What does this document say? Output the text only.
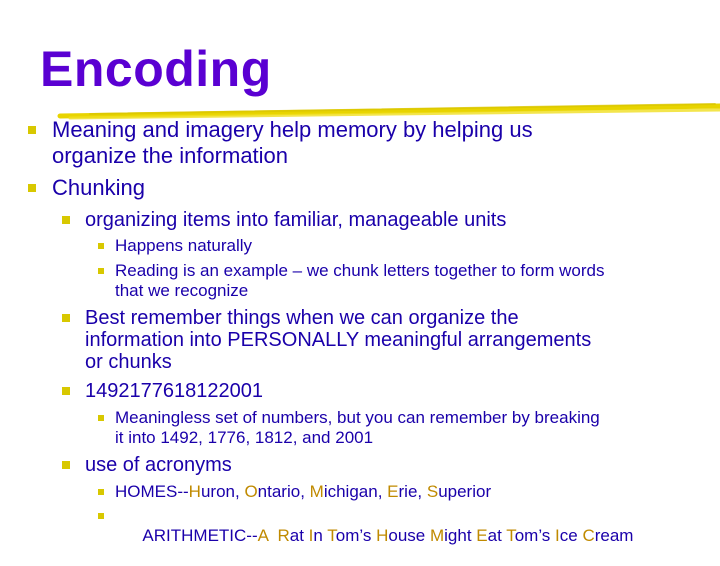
Encoding
Meaning and imagery help memory by helping us
organize the information
Chunking
organizing items into familiar, manageable units
Happens naturally
Reading is an example – we chunk letters together to form words
that we recognize
Best remember things when we can organize the
information into PERSONALLY meaningful arrangements
or chunks
1492177618122001
Meaningless set of numbers, but you can remember by breaking
it into 1492, 1776, 1812, and 2001
use of acronyms
HOMES--Huron, Ontario, Michigan, Erie, Superior

ARITHMETIC--A Rat In Tom’s House Might Eat Tom’s Ice Cream
